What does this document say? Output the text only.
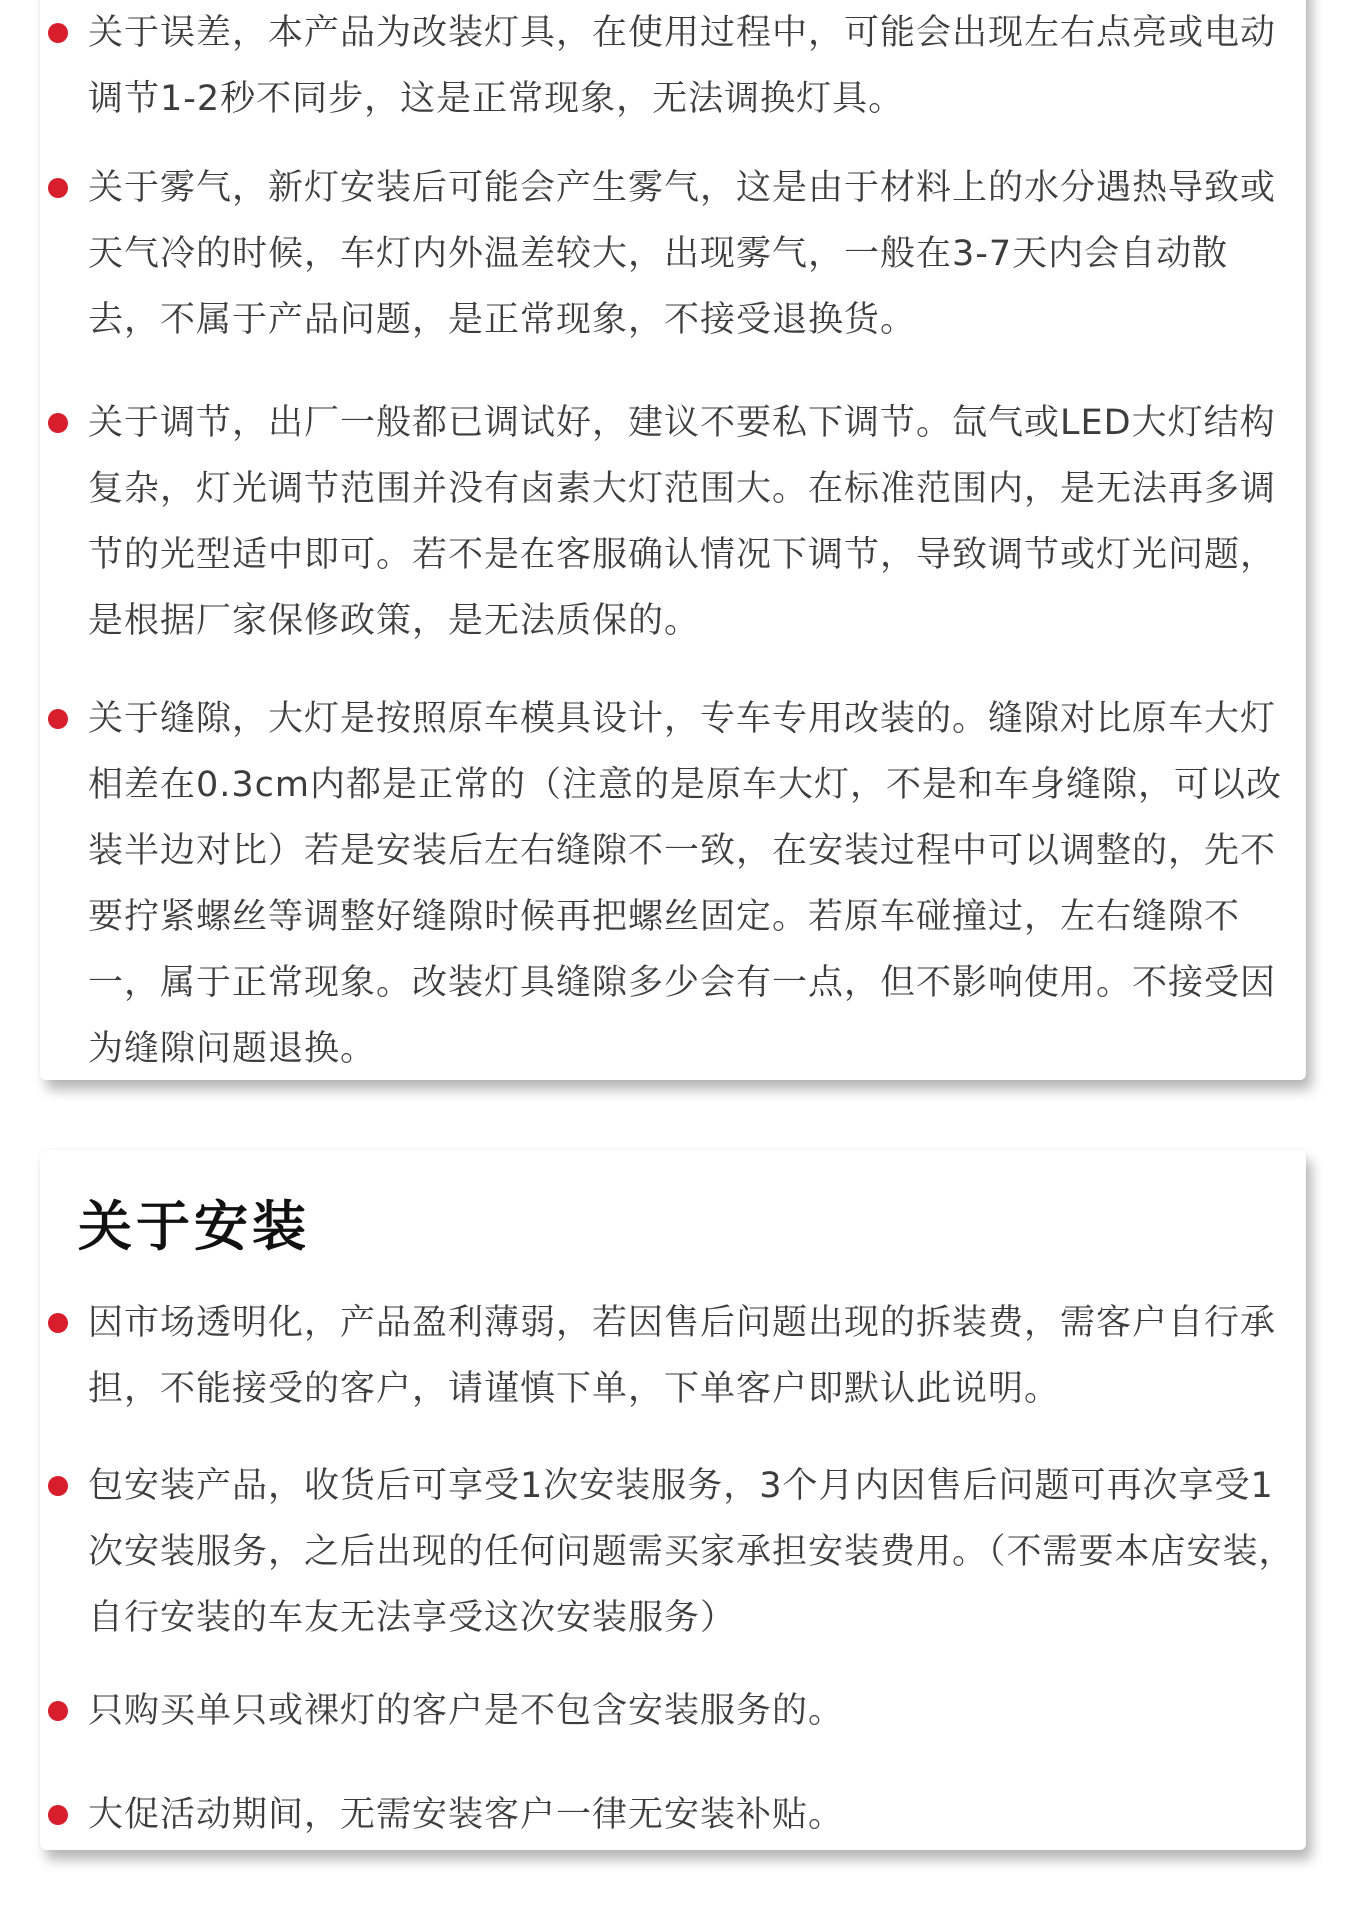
关于误差，本产品为改装灯具，在使用过程中，可能会出现左右点亮或电动调节1-2秒不同步，这是正常现象，无法调换灯具。

关于雾气，新灯安装后可能会产生雾气，这是由于材料上的水分遇热导致或天气冷的时候，车灯内外温差较大，出现雾气，一般在3-7天内会自动散去，不属于产品问题，是正常现象，不接受退换货。

关于调节，出厂一般都已调试好，建议不要私下调节。氙气或LED大灯结构复杂，灯光调节范围并没有卤素大灯范围大。在标准范围内，是无法再多调节的光型适中即可。若不是在客服确认情况下调节，导致调节或灯光问题，是根据厂家保修政策，是无法质保的。

关于缝隙，大灯是按照原车模具设计，专车专用改装的。缝隙对比原车大灯相差在0.3cm内都是正常的（注意的是原车大灯，不是和车身缝隙，可以改装半边对比）若是安装后左右缝隙不一致，在安装过程中可以调整的，先不要拧紧螺丝等调整好缝隙时候再把螺丝固定。若原车碰撞过，左右缝隙不一，属于正常现象。改装灯具缝隙多少会有一点，但不影响使用。不接受因为缝隙问题退换。

关于安装

因市场透明化，产品盈利薄弱，若因售后问题出现的拆装费，需客户自行承担，不能接受的客户，请谨慎下单，下单客户即默认此说明。

包安装产品，收货后可享受1次安装服务，3个月内因售后问题可再次享受1次安装服务，之后出现的任何问题需买家承担安装费用。（不需要本店安装，自行安装的车友无法享受这次安装服务）

只购买单只或裸灯的客户是不包含安装服务的。

大促活动期间，无需安装客户一律无安装补贴。
